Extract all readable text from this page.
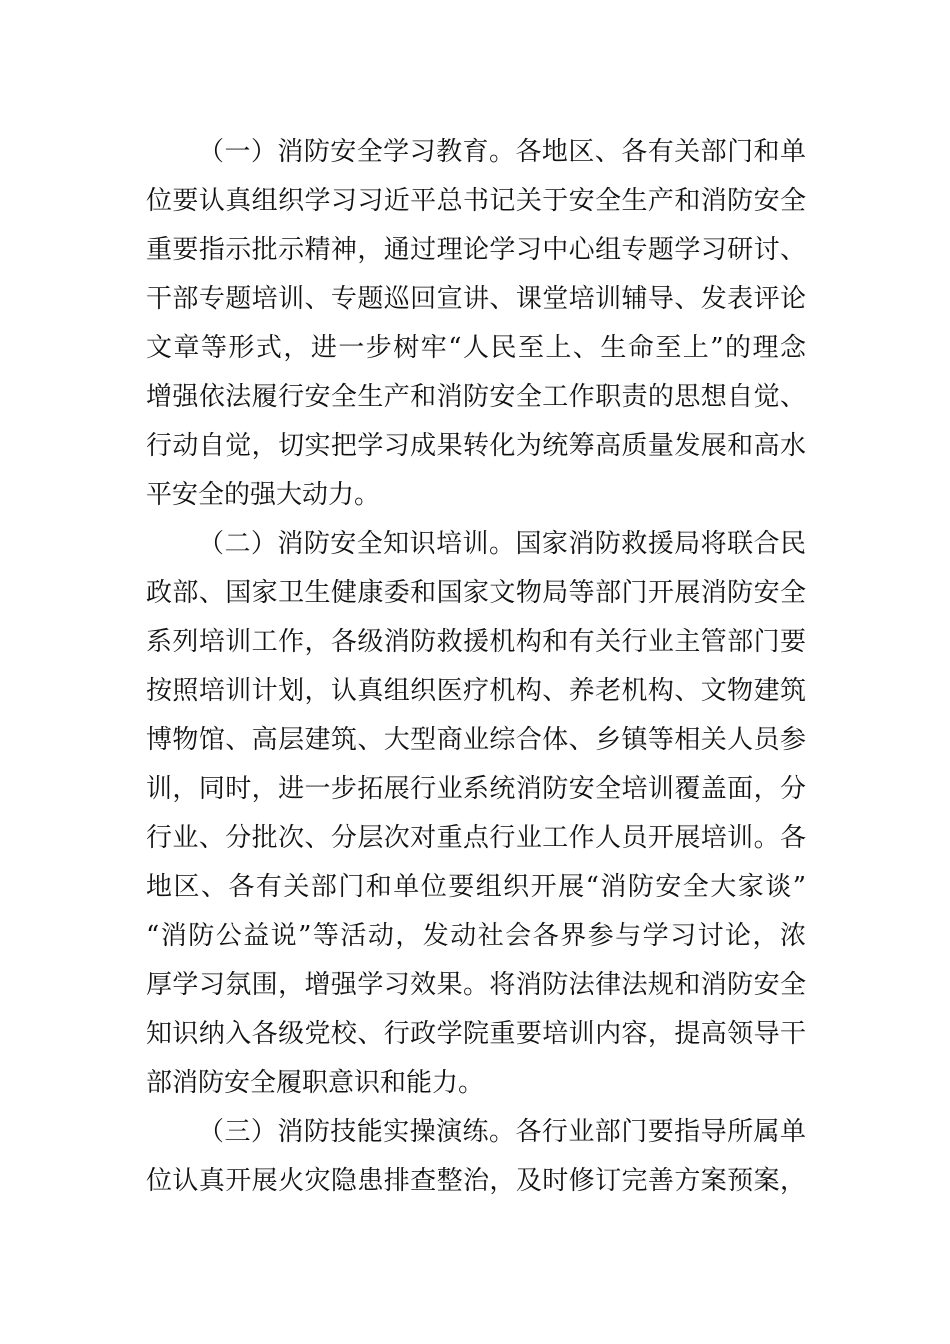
（一）消防安全学习教育。各地区、各有关部门和单
位要认真组织学习习近平总书记关于安全生产和消防安全
重要指示批示精神，通过理论学习中心组专题学习研讨、
干部专题培训、专题巡回宣讲、课堂培训辅导、发表评论
文章等形式，进一步树牢“人民至上、生命至上”的理念
增强依法履行安全生产和消防安全工作职责的思想自觉、
行动自觉，切实把学习成果转化为统筹高质量发展和高水
平安全的强大动力。
（二）消防安全知识培训。国家消防救援局将联合民
政部、国家卫生健康委和国家文物局等部门开展消防安全
系列培训工作，各级消防救援机构和有关行业主管部门要
按照培训计划，认真组织医疗机构、养老机构、文物建筑
博物馆、高层建筑、大型商业综合体、乡镇等相关人员参
训，同时，进一步拓展行业系统消防安全培训覆盖面，分
行业、分批次、分层次对重点行业工作人员开展培训。各
地区、各有关部门和单位要组织开展“消防安全大家谈”
“消防公益说”等活动，发动社会各界参与学习讨论，浓
厚学习氛围，增强学习效果。将消防法律法规和消防安全
知识纳入各级党校、行政学院重要培训内容，提高领导干
部消防安全履职意识和能力。
（三）消防技能实操演练。各行业部门要指导所属单
位认真开展火灾隐患排查整治，及时修订完善方案预案，
